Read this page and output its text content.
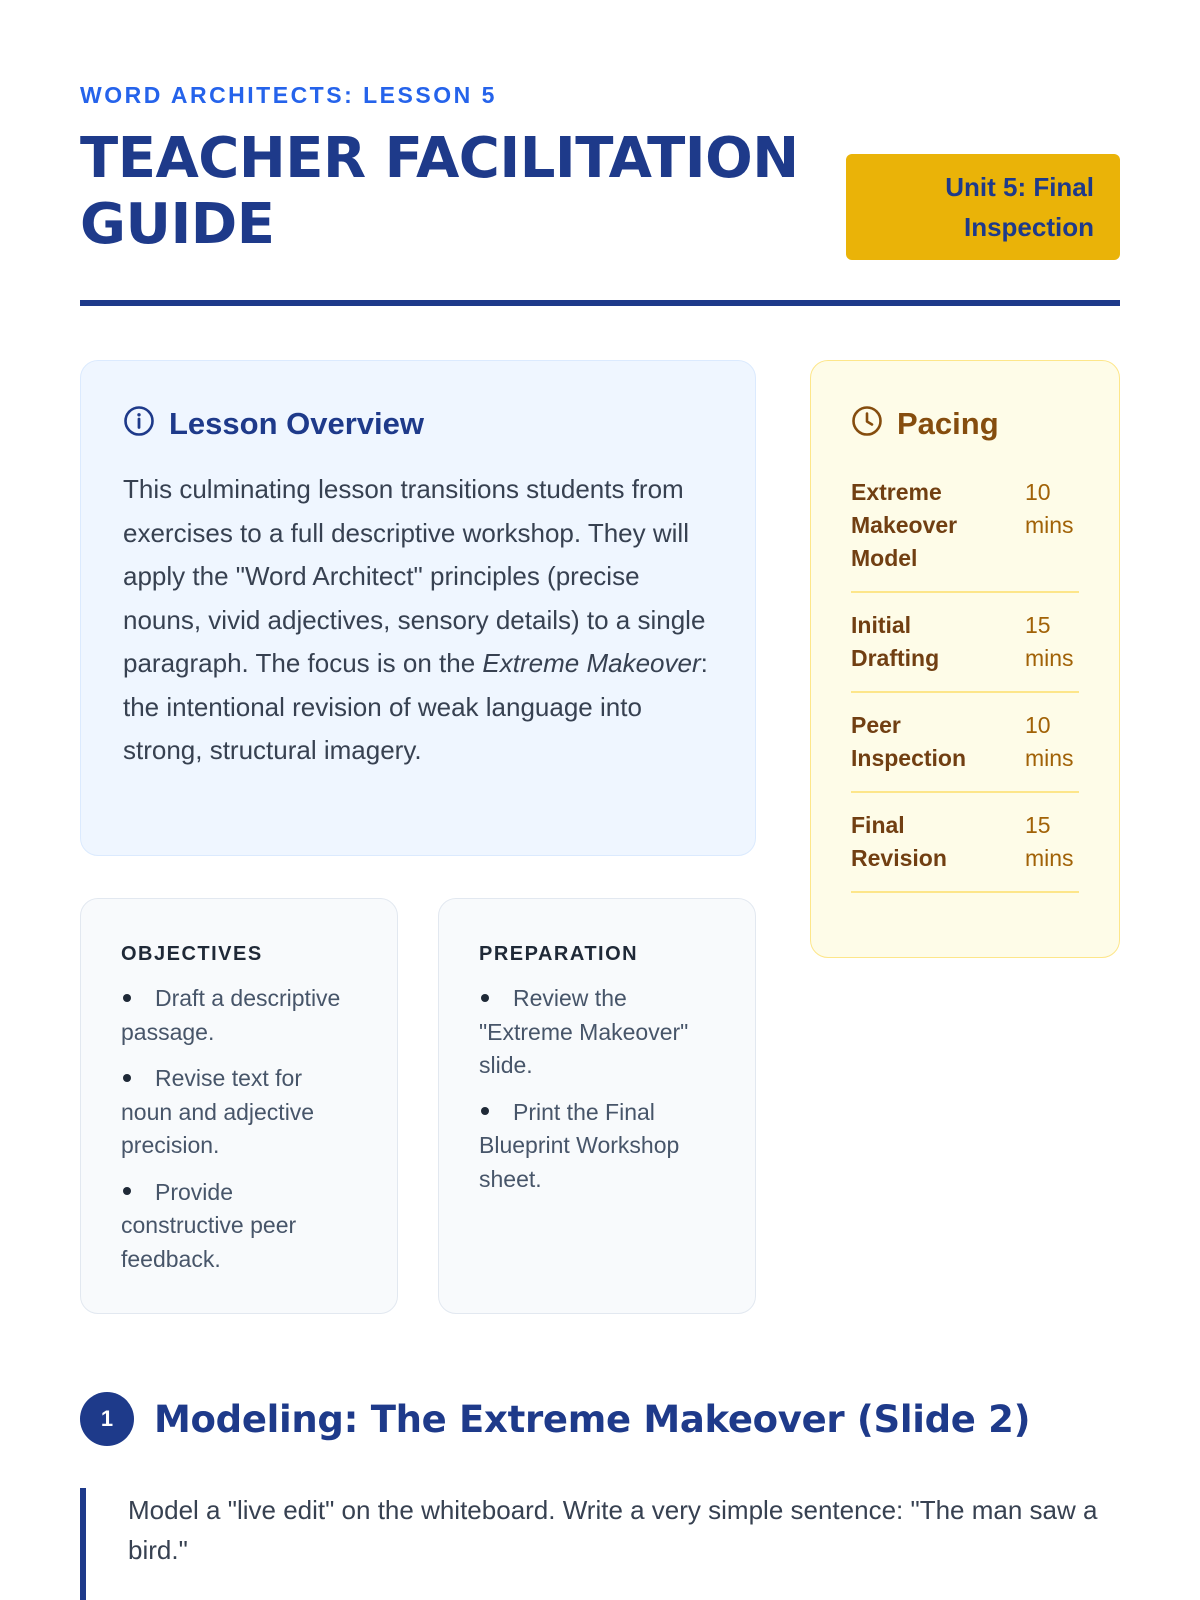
WORD ARCHITECTS: LESSON 5
TEACHER FACILITATION GUIDE
Unit 5: Final Inspection
Lesson Overview

This culminating lesson transitions students from exercises to a full descriptive workshop. They will apply the "Word Architect" principles (precise nouns, vivid adjectives, sensory details) to a single paragraph. The focus is on the Extreme Makeover: the intentional revision of weak language into strong, structural imagery.

Pacing
Extreme Makeover Model
10 mins
Initial Drafting
15 mins
Peer Inspection
10 mins
Final Revision
15 mins
OBJECTIVES
Draft a descriptive passage.
Revise text for noun and adjective precision.
Provide constructive peer feedback.
PREPARATION
Review the "Extreme Makeover" slide.
Print the Final Blueprint Workshop sheet.
1	Modeling: The Extreme Makeover (Slide 2)

Model a "live edit" on the whiteboard. Write a very simple sentence: "The man saw a bird."
